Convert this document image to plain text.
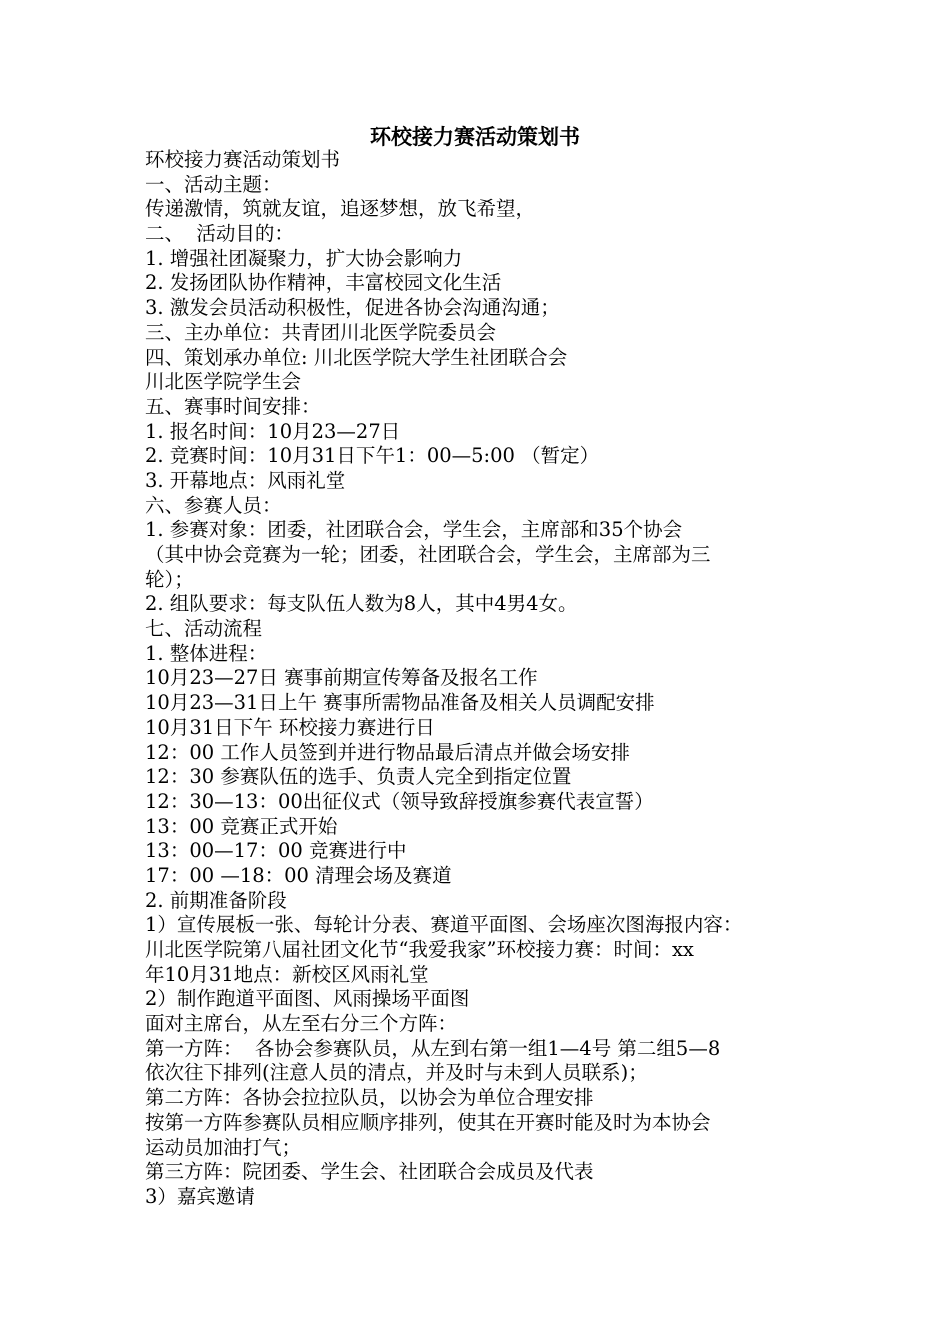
环校接力赛活动策划书
环校接力赛活动策划书
一、活动主题：
传递激情，筑就友谊，追逐梦想，放飞希望，
二、  活动目的：
1. 增强社团凝聚力，扩大协会影响力
2. 发扬团队协作精神，丰富校园文化生活
3. 激发会员活动积极性，促进各协会沟通沟通；
三、主办单位：共青团川北医学院委员会
四、策划承办单位: 川北医学院大学生社团联合会
川北医学院学生会
五、赛事时间安排：
1. 报名时间：10月23—27日
2. 竞赛时间：10月31日下午1：00—5:00 （暂定）
3. 开幕地点：风雨礼堂
六、参赛人员：
1. 参赛对象：团委，社团联合会，学生会，主席部和35个协会
（其中协会竞赛为一轮；团委，社团联合会，学生会，主席部为三
轮）；
2. 组队要求：每支队伍人数为8人，其中4男4女。
七、活动流程
1. 整体进程：
10月23—27日 赛事前期宣传筹备及报名工作
10月23—31日上午 赛事所需物品准备及相关人员调配安排
10月31日下午 环校接力赛进行日
12：00 工作人员签到并进行物品最后清点并做会场安排
12：30 参赛队伍的选手、负责人完全到指定位置
12：30—13：00出征仪式（领导致辞授旗参赛代表宣誓）
13：00 竞赛正式开始
13：00—17：00 竞赛进行中
17：00 —18：00 清理会场及赛道
2. 前期准备阶段
1）宣传展板一张、每轮计分表、赛道平面图、会场座次图海报内容：
川北医学院第八届社团文化节“我爱我家”环校接力赛：时间：xx
年10月31地点：新校区风雨礼堂
2）制作跑道平面图、风雨操场平面图
面对主席台，从左至右分三个方阵：
第一方阵：  各协会参赛队员，从左到右第一组1—4号 第二组5—8
依次往下排列(注意人员的清点，并及时与未到人员联系)；
第二方阵：各协会拉拉队员，以协会为单位合理安排
按第一方阵参赛队员相应顺序排列，使其在开赛时能及时为本协会
运动员加油打气；
第三方阵：院团委、学生会、社团联合会成员及代表
3）嘉宾邀请
